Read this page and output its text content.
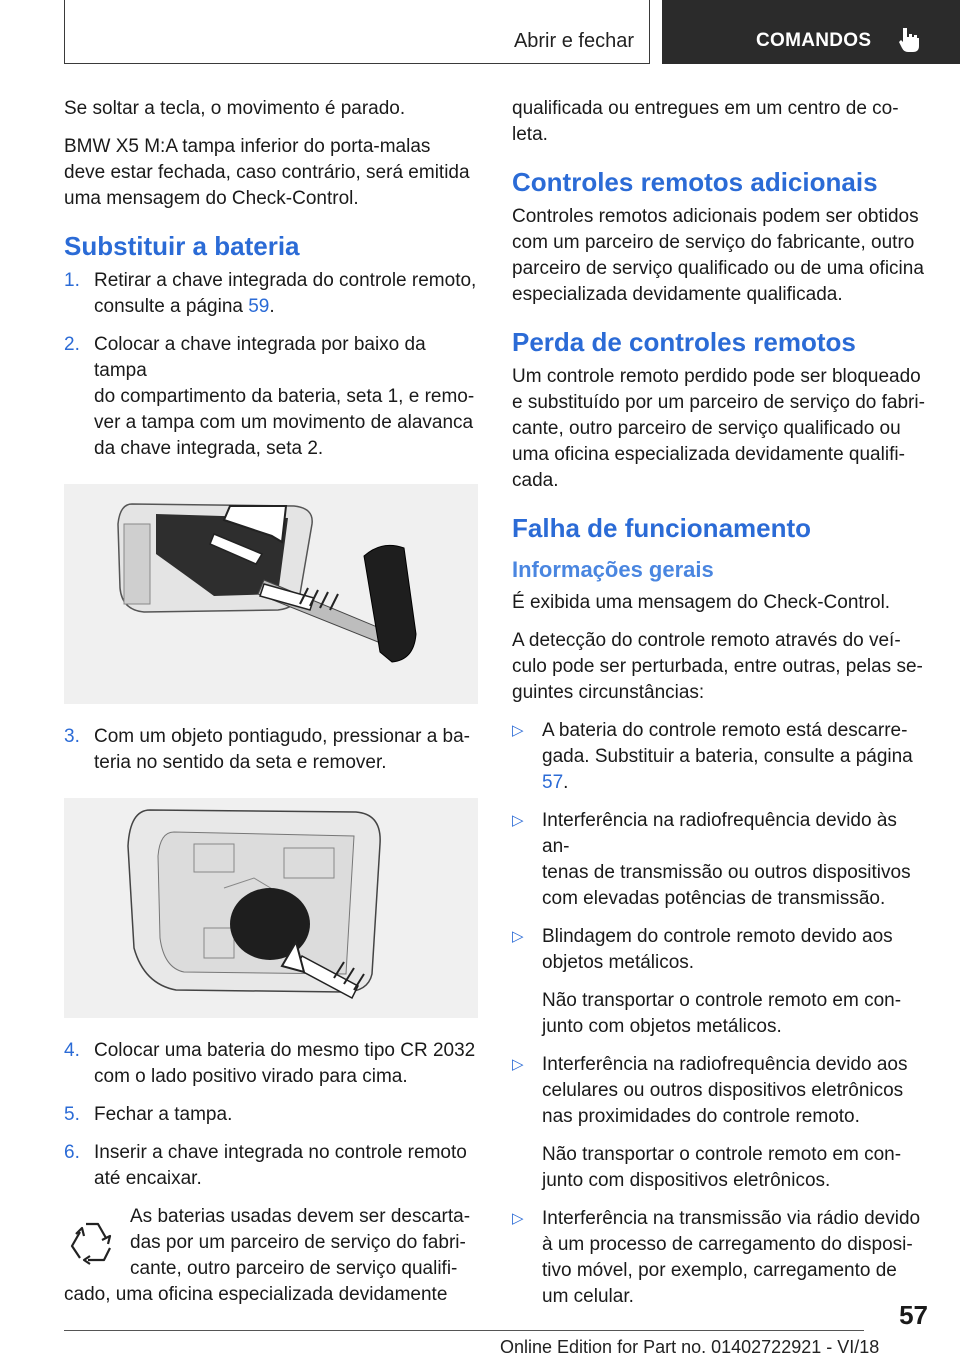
Abrir e fechar	COMANDOS

Se soltar a tecla, o movimento é parado.

BMW X5 M:A tampa inferior do porta-malas
deve estar fechada, caso contrário, será emitida
uma mensagem do Check-Control.

Substituir a bateria
1. Retirar a chave integrada do controle remoto,
consulte a página 59.
2. Colocar a chave integrada por baixo da tampa
do compartimento da bateria, seta 1, e remo-
ver a tampa com um movimento de alavanca
da chave integrada, seta 2.
3. Com um objeto pontiagudo, pressionar a ba-
teria no sentido da seta e remover.
4. Colocar uma bateria do mesmo tipo CR 2032
com o lado positivo virado para cima.
5. Fechar a tampa.
6. Inserir a chave integrada no controle remoto
até encaixar.
As baterias usadas devem ser descarta-
das por um parceiro de serviço do fabri-
cante, outro parceiro de serviço qualifi-
cado, uma oficina especializada devidamente

qualificada ou entregues em um centro de co-
leta.

Controles remotos adicionais

Controles remotos adicionais podem ser obtidos
com um parceiro de serviço do fabricante, outro
parceiro de serviço qualificado ou de uma oficina
especializada devidamente qualificada.

Perda de controles remotos

Um controle remoto perdido pode ser bloqueado
e substituído por um parceiro de serviço do fabri-
cante, outro parceiro de serviço qualificado ou
uma oficina especializada devidamente qualifi-
cada.

Falha de funcionamento
Informações gerais

É exibida uma mensagem do Check-Control.

A detecção do controle remoto através do veí-
culo pode ser perturbada, entre outras, pelas se-
guintes circunstâncias:

▷ A bateria do controle remoto está descarre-
gada. Substituir a bateria, consulte a página
57.
▷ Interferência na radiofrequência devido às an-
tenas de transmissão ou outros dispositivos
com elevadas potências de transmissão.
▷ Blindagem do controle remoto devido aos
objetos metálicos.
Não transportar o controle remoto em con-
junto com objetos metálicos.
▷ Interferência na radiofrequência devido aos
celulares ou outros dispositivos eletrônicos
nas proximidades do controle remoto.
Não transportar o controle remoto em con-
junto com dispositivos eletrônicos.
▷ Interferência na transmissão via rádio devido
à um processo de carregamento do disposi-
tivo móvel, por exemplo, carregamento de
um celular.
57
Online Edition for Part no. 01402722921 - VI/18
